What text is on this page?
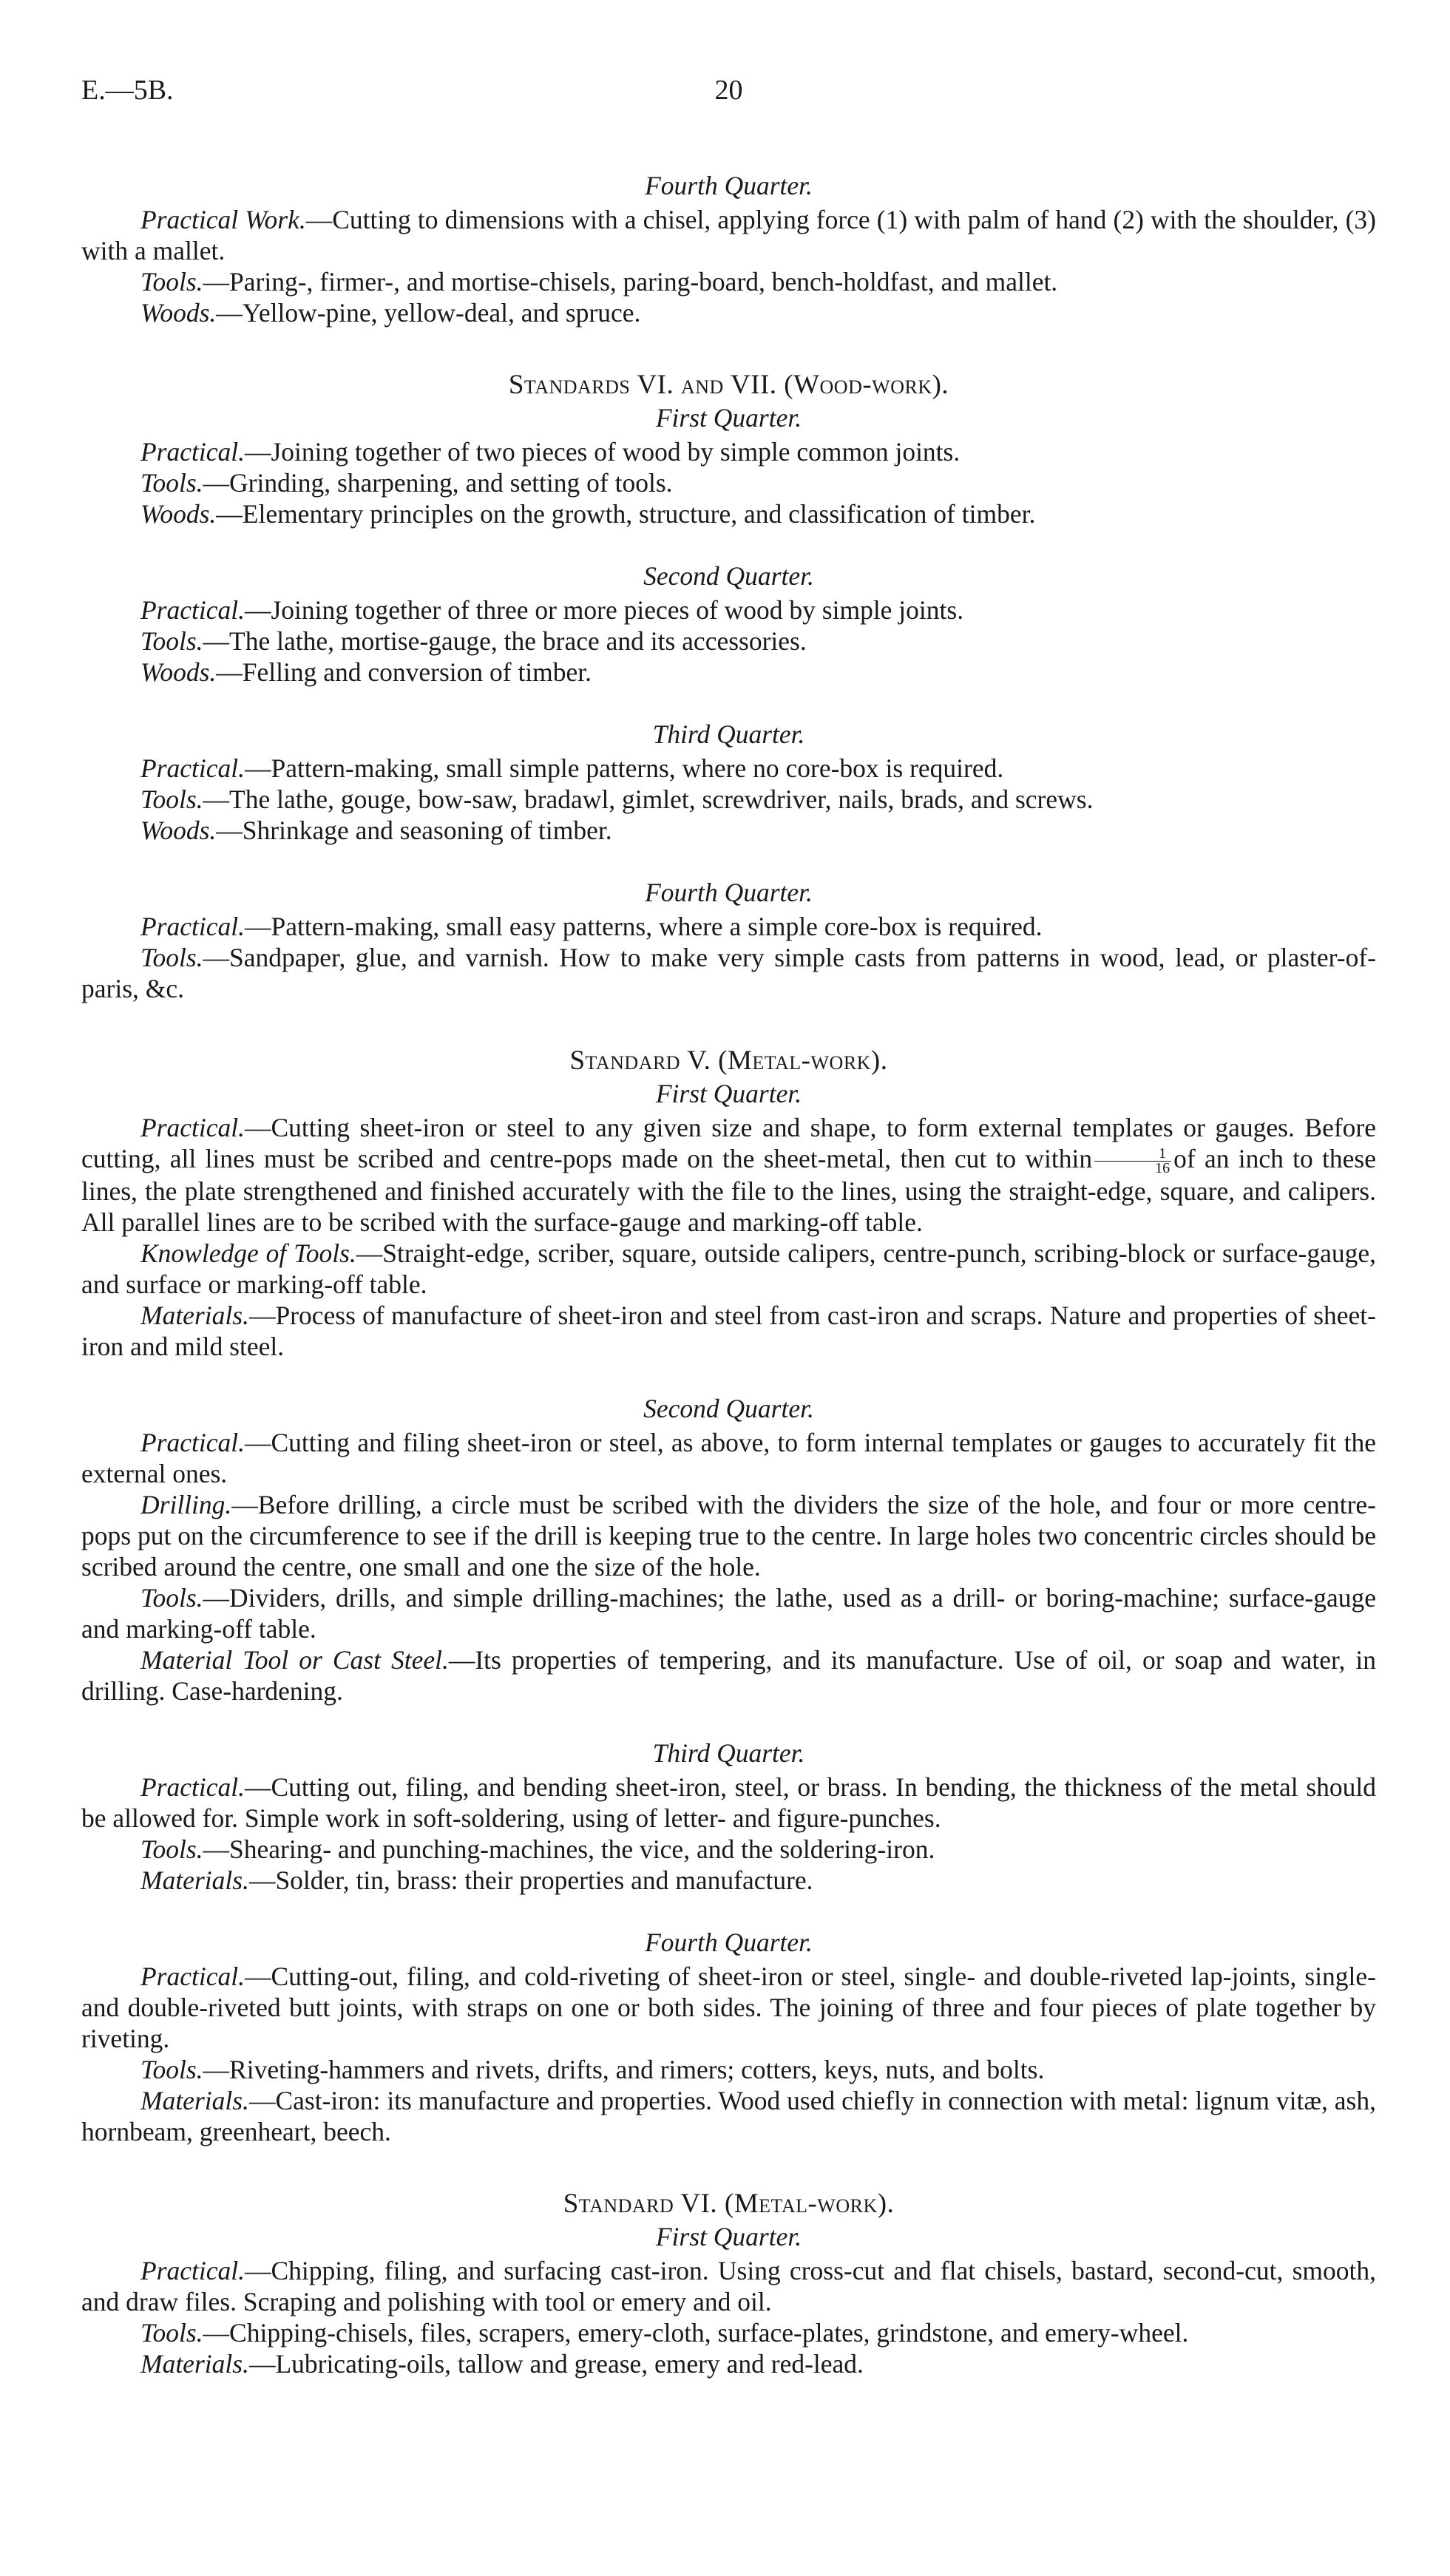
E.—5B.	20
Fourth Quarter.

Practical Work.—Cutting to dimensions with a chisel, applying force (1) with palm of hand (2) with the shoulder, (3) with a mallet.

Tools.—Paring-, firmer-, and mortise-chisels, paring-board, bench-holdfast, and mallet.

Woods.—Yellow-pine, yellow-deal, and spruce.

Standards VI. and VII. (Wood-work).
First Quarter.

Practical.—Joining together of two pieces of wood by simple common joints.

Tools.—Grinding, sharpening, and setting of tools.

Woods.—Elementary principles on the growth, structure, and classification of timber.

Second Quarter.

Practical.—Joining together of three or more pieces of wood by simple joints.

Tools.—The lathe, mortise-gauge, the brace and its accessories.

Woods.—Felling and conversion of timber.

Third Quarter.

Practical.—Pattern-making, small simple patterns, where no core-box is required.

Tools.—The lathe, gouge, bow-saw, bradawl, gimlet, screwdriver, nails, brads, and screws.

Woods.—Shrinkage and seasoning of timber.

Fourth Quarter.

Practical.—Pattern-making, small easy patterns, where a simple core-box is required.

Tools.—Sandpaper, glue, and varnish. How to make very simple casts from patterns in wood, lead, or plaster-of-paris, &c.

Standard V. (Metal-work).
First Quarter.

Practical.—Cutting sheet-iron or steel to any given size and shape, to form external templates or gauges. Before cutting, all lines must be scribed and centre-pops made on the sheet-metal, then cut to within $\frac{1}{16}$ of an inch to these lines, the plate strengthened and finished accurately with the file to the lines, using the straight-edge, square, and calipers. All parallel lines are to be scribed with the surface-gauge and marking-off table.

Knowledge of Tools.—Straight-edge, scriber, square, outside calipers, centre-punch, scribing-block or surface-gauge, and surface or marking-off table.

Materials.—Process of manufacture of sheet-iron and steel from cast-iron and scraps. Nature and properties of sheet-iron and mild steel.

Second Quarter.

Practical.—Cutting and filing sheet-iron or steel, as above, to form internal templates or gauges to accurately fit the external ones.

Drilling.—Before drilling, a circle must be scribed with the dividers the size of the hole, and four or more centre-pops put on the circumference to see if the drill is keeping true to the centre. In large holes two concentric circles should be scribed around the centre, one small and one the size of the hole.

Tools.—Dividers, drills, and simple drilling-machines; the lathe, used as a drill- or boring-machine; surface-gauge and marking-off table.

Material Tool or Cast Steel.—Its properties of tempering, and its manufacture. Use of oil, or soap and water, in drilling. Case-hardening.

Third Quarter.

Practical.—Cutting out, filing, and bending sheet-iron, steel, or brass. In bending, the thickness of the metal should be allowed for. Simple work in soft-soldering, using of letter- and figure-punches.

Tools.—Shearing- and punching-machines, the vice, and the soldering-iron.

Materials.—Solder, tin, brass: their properties and manufacture.

Fourth Quarter.

Practical.—Cutting-out, filing, and cold-riveting of sheet-iron or steel, single- and double-riveted lap-joints, single- and double-riveted butt joints, with straps on one or both sides. The joining of three and four pieces of plate together by riveting.

Tools.—Riveting-hammers and rivets, drifts, and rimers; cotters, keys, nuts, and bolts.

Materials.—Cast-iron: its manufacture and properties. Wood used chiefly in connection with metal: lignum vitæ, ash, hornbeam, greenheart, beech.

Standard VI. (Metal-work).
First Quarter.

Practical.—Chipping, filing, and surfacing cast-iron. Using cross-cut and flat chisels, bastard, second-cut, smooth, and draw files. Scraping and polishing with tool or emery and oil.

Tools.—Chipping-chisels, files, scrapers, emery-cloth, surface-plates, grindstone, and emery-wheel.

Materials.—Lubricating-oils, tallow and grease, emery and red-lead.
